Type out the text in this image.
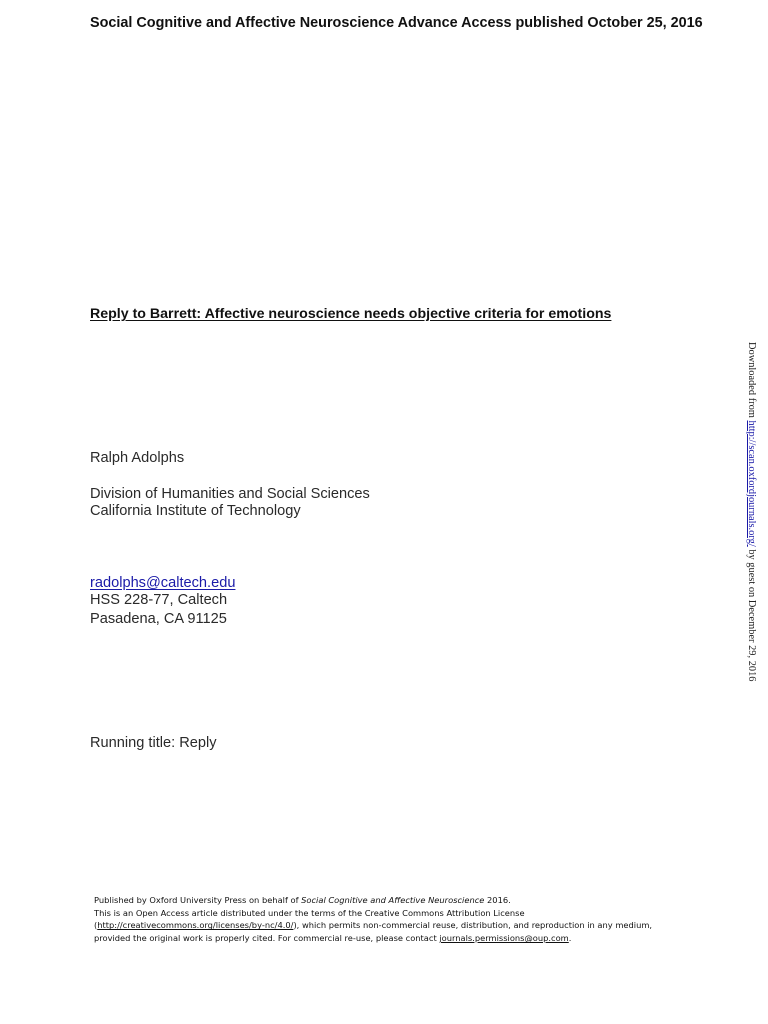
Social Cognitive and Affective Neuroscience Advance Access published October 25, 2016
Reply to Barrett: Affective neuroscience needs objective criteria for emotions
Ralph Adolphs
Division of Humanities and Social Sciences
California Institute of Technology
radolphs@caltech.edu
HSS 228-77, Caltech
Pasadena, CA 91125
Running title: Reply
Published by Oxford University Press on behalf of Social Cognitive and Affective Neuroscience 2016.
This is an Open Access article distributed under the terms of the Creative Commons Attribution License
(http://creativecommons.org/licenses/by-nc/4.0/), which permits non-commercial reuse, distribution, and reproduction in any medium,
provided the original work is properly cited. For commercial re-use, please contact journals.permissions@oup.com.
Downloaded from http://scan.oxfordjournals.org/ by guest on December 29, 2016
